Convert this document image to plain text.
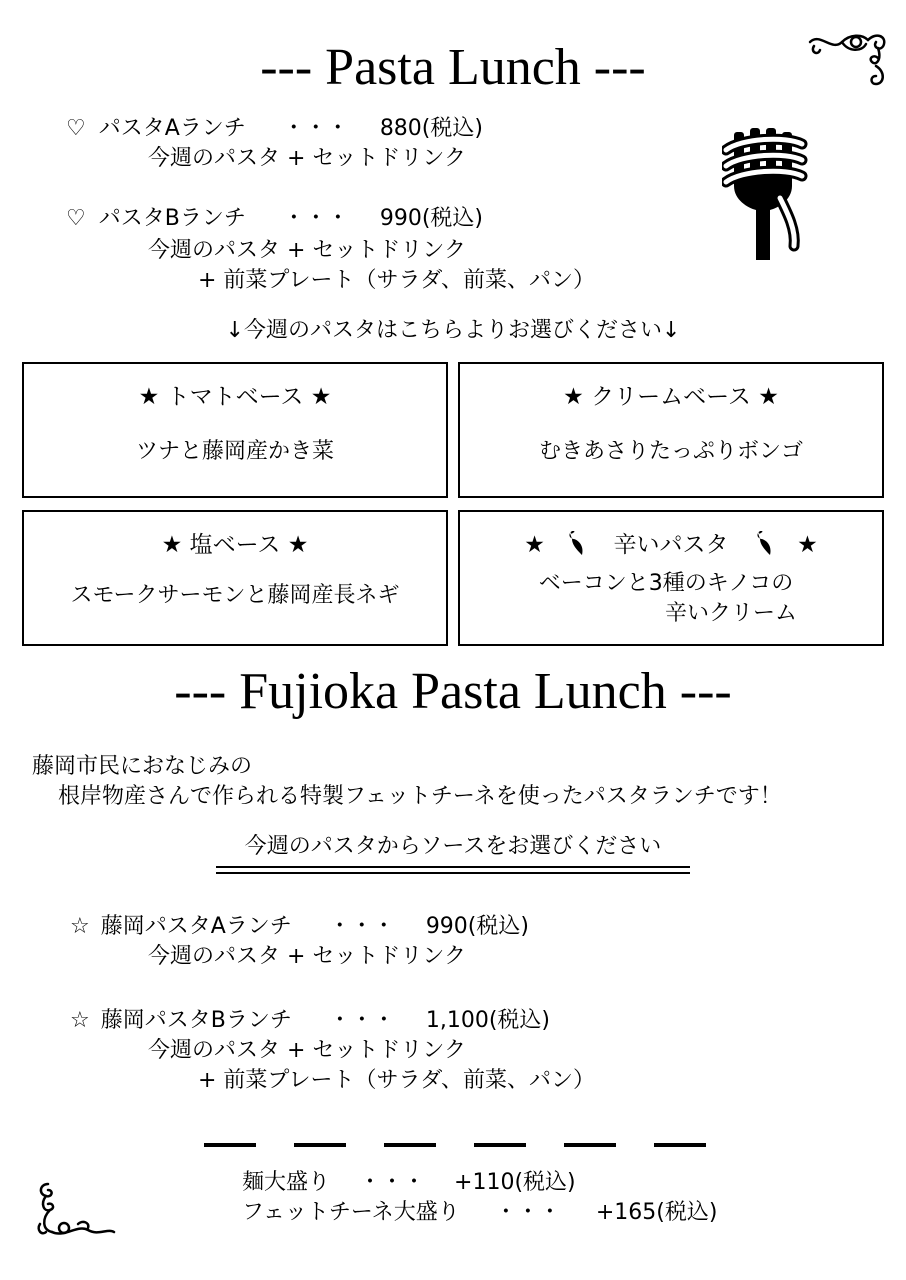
--- Pasta Lunch ---
♡ パスタAランチ ・・・ 880(税込)
今週のパスタ + セットドリンク
♡ パスタBランチ ・・・ 990(税込)
今週のパスタ + セットドリンク
+ 前菜プレート（サラダ、前菜、パン）
↓今週のパスタはこちらよりお選びください↓
★ トマトベース ★
ツナと藤岡産かき菜
★ クリームベース ★
むきあさりたっぷりボンゴ
★ 塩ベース ★
スモークサーモンと藤岡産長ネギ
★	辛いパスタ	★
ベーコンと3種のキノコの
辛いクリーム
--- Fujioka Pasta Lunch ---
藤岡市民におなじみの
根岸物産さんで作られる特製フェットチーネを使ったパスタランチです！
今週のパスタからソースをお選びください
☆ 藤岡パスタAランチ ・・・ 990(税込)
今週のパスタ + セットドリンク
☆ 藤岡パスタBランチ ・・・ 1,100(税込)
今週のパスタ + セットドリンク
+ 前菜プレート（サラダ、前菜、パン）
麺大盛り ・・・ +110(税込)
フェットチーネ大盛り ・・・ +165(税込)
